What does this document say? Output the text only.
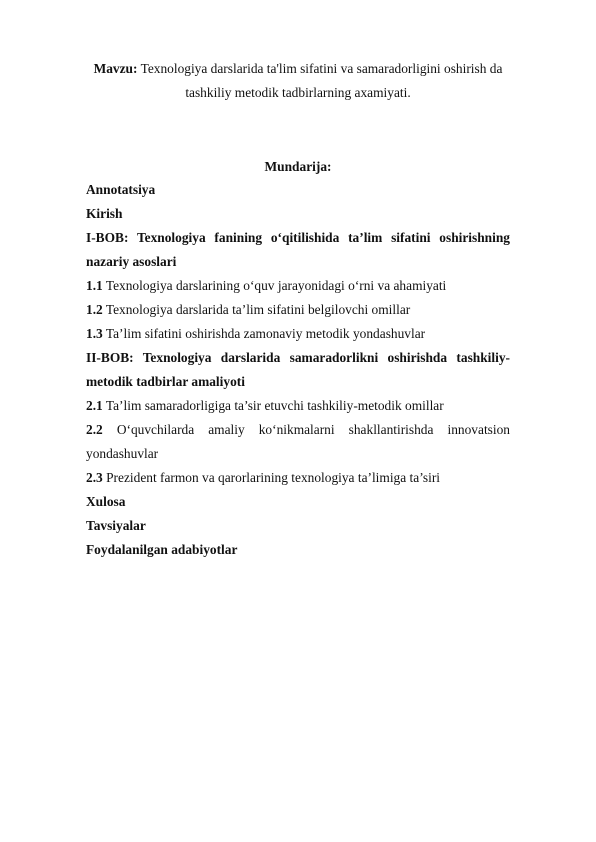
Mavzu: Texnologiya darslarida ta'lim sifatini va samaradorligini oshirish da tashkiliy metodik tadbirlarning axamiyati.
Mundarija:
Annotatsiya
Kirish
I-BOB: Texnologiya fanining o‘qitilishida ta’lim sifatini oshirishning nazariy asoslari
1.1 Texnologiya darslarining o‘quv jarayonidagi o‘rni va ahamiyati
1.2 Texnologiya darslarida ta’lim sifatini belgilovchi omillar
1.3 Ta’lim sifatini oshirishda zamonaviy metodik yondashuvlar
II-BOB: Texnologiya darslarida samaradorlikni oshirishda tashkiliy-metodik tadbirlar amaliyoti
2.1 Ta’lim samaradorligiga ta’sir etuvchi tashkiliy-metodik omillar
2.2 O‘quvchilarda amaliy ko‘nikmalarni shakllantirishda innovatsion yondashuvlar
2.3 Prezident farmon va qarorlarining texnologiya ta’limiga ta’siri
Xulosa
Tavsiyalar
Foydalanilgan adabiyotlar
